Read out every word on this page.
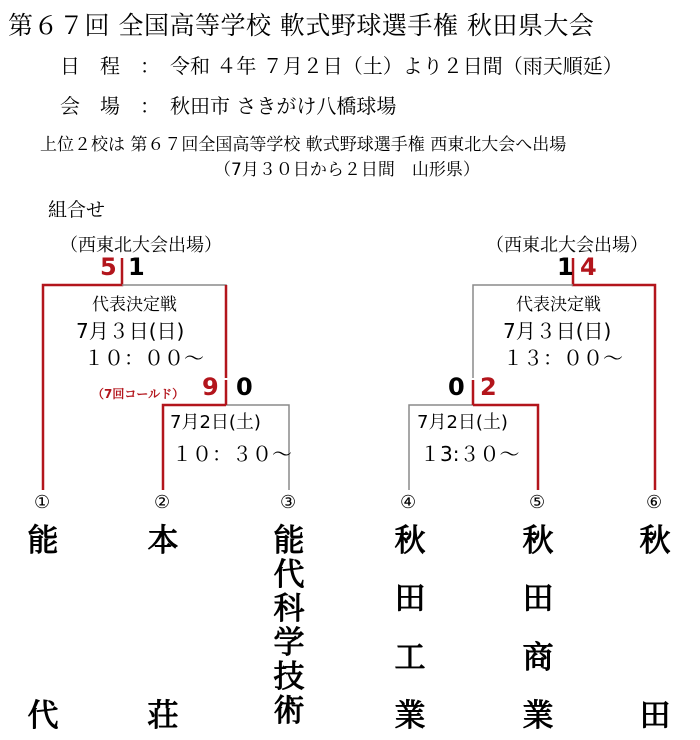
第６７回 全国高等学校 軟式野球選手権 秋田県大会
日　程　： 令和 ４年 ７月２日（土）より２日間（雨天順延）
会　場　： 秋田市 さきがけ八橋球場
上位２校は 第６７回全国高等学校 軟式野球選手権 西東北大会へ出場
（7月３０日から２日間　山形県）
組合せ
（西東北大会出場）
5 1
代表決定戦
7月３日(日)
１０：００～
（西東北大会出場）
1 4
代表決定戦
7月３日(日)
１３：００～
（7回コールド） 9 0
7月2日(土)
１０：３０～
0 2
7月2日(土)
１3:３０～
①	②	③	④	⑤	⑥
能
代
本
荘
能
代
科
学
技
術
秋
田
工
業
秋
田
商
業
秋
田
